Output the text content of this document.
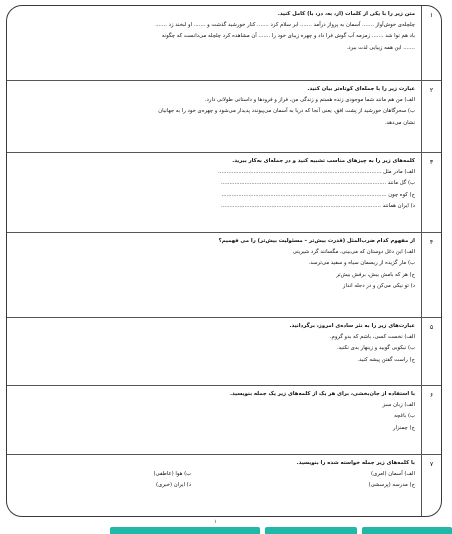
١
متن زیر را با یکی از کلمات (از، به، در، با) کامل کنید.
چلچله‌ی خوش‌آواز ....... آسمان به پرواز درآمد ....... ابر سلام کرد ....... کنار خورشید گذشت و ....... او لبخند زد .......
باد هم نوا شد ....... زمزمه آب گوش فرا داد و چهره زیبای خود را ....... آن مشاهده کرد چلچله می‌دانست که چگونه
....... این همه زیبایی لذت ببرد.
٢
عبارت زیر را با جمله‌ای کوتاه‌تر بیان کنید.
الف) من هم مانند شما موجودی زنده هستم و زندگی من، فراز و فرودها و داستانی طولانی دارد.
ب) سحرگاهان خورشید از پشت افق، یعنی آنجا که دریا به آسمان می‌پیوندد پدیدار می‌شود و چهره‌ی خود را به جهانیان
نشان می‌دهد.
٣
کلمه‌های زیر را به چیزهای مناسب تشبیه کنید و در جمله‌ای به‌کار ببرید.
الف) مادر مثل .................................................................................................
ب) گل مانند ..................................................................................................
ج) کوه چون ..................................................................................................
د) ایران همانند ...............................................................................................
۴
از مفهوم کدام ضرب‌المثل (قدرت بیش‌تر – مسئولیت بیش‌تر) را می فهمیم؟
الف) این دغل دوستان که می‌بینی، مگسانند گرد شیرینی
ب) مار گزیده از ریسمان سیاه و سفید می‌ترسد.
ج) هر که بامش بیش، برفش بیش‌تر
د) تو نیکی می‌کن و در دجله انداز
۵
عبارت‌های زیر را به نثر ساده‌ی امروز، برگردانید.
الف) نخست کسی، باشم که بدو گروم.
ب) نیکویی گویید و زینهار بدی نکنید.
ج) راست گفتن پیشه کنید.
۶
با استفاده از جان‌بخشی، برای هر یک از کلمه‌های زیر یک جمله بنویسید.
الف) زبان سبز
ب) باغچه
ج) چمنزار
٧
با کلمه‌های زیر جمله خواسته شده را بنویسید.
الف) آسمان (امری)
ب) هوا (عاطفی)
ج) مدرسه (پرسشی)
د) ایران (خبری)
١
